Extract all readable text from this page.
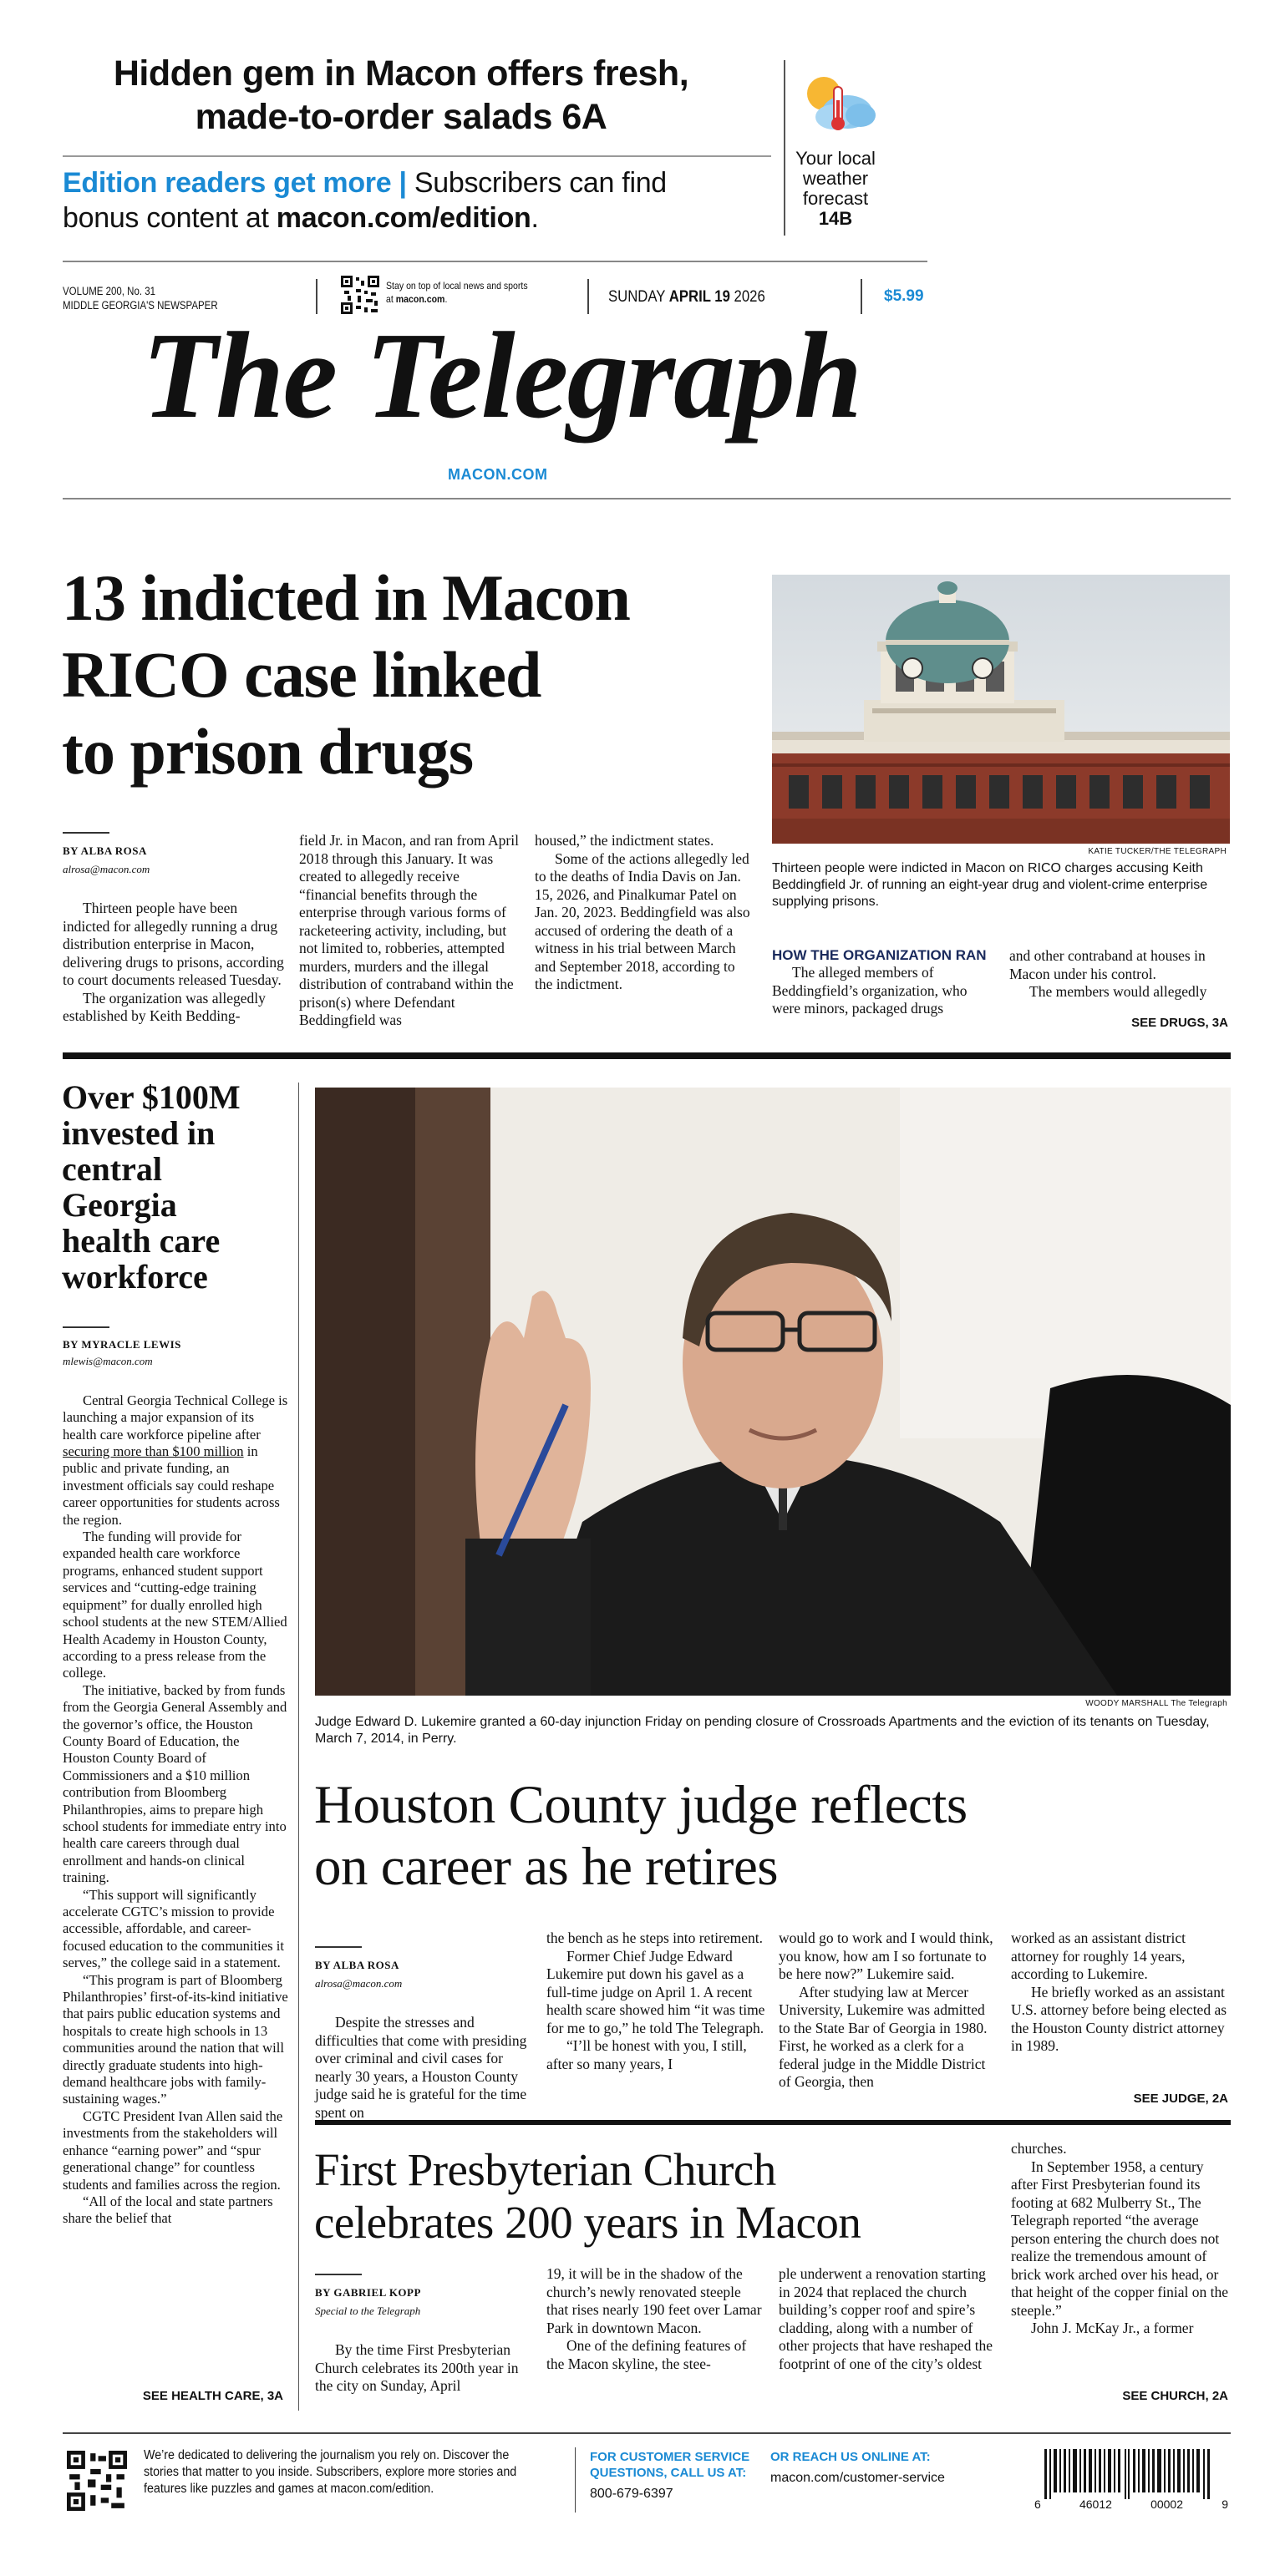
Hidden gem in Macon offers fresh,
made-to-order salads 6A
Edition readers get more | Subscribers can find
bonus content at macon.com/edition.
Your local
weather
forecast
14B
VOLUME 200, No. 31
MIDDLE GEORGIA'S NEWSPAPER
Stay on top of local news and sports
at macon.com.	SUNDAY APRIL 19 2026	$5.99
The Telegraph
MACON.COM
13 indicted in Macon
RICO case linked
to prison drugs
BY ALBA ROSA
alrosa@macon.com

Thirteen people have been indicted for allegedly running a drug distribution enterprise in Macon, delivering drugs to prisons, according to court documents released Tuesday.

The organization was allegedly established by Keith Bedding-

field Jr. in Macon, and ran from April 2018 through this January. It was created to allegedly receive “financial benefits through the enterprise through various forms of racketeering activity, including, but not limited to, robberies, attempted murders, murders and the illegal distribution of contraband within the prison(s) where Defendant Beddingfield was

housed,” the indictment states.

Some of the actions allegedly led to the deaths of India Davis on Jan. 15, 2026, and Pinalkumar Patel on Jan. 20, 2023. Beddingfield was also accused of ordering the death of a witness in his trial between March and September 2018, according to the indictment.

KATIE TUCKER/THE TELEGRAPH
Thirteen people were indicted in Macon on RICO charges accusing Keith Beddingfield Jr. of running an eight-year drug and violent-crime enterprise supplying prisons.
HOW THE ORGANIZATION RAN

The alleged members of Beddingfield’s organization, who were minors, packaged drugs

and other contraband at houses in Macon under his control.

The members would allegedly

SEE DRUGS, 3A
Over $100M
invested in
central
Georgia
health care
workforce
BY MYRACLE LEWIS
mlewis@macon.com

Central Georgia Technical College is launching a major expansion of its health care workforce pipeline after securing more than $100 million in public and private funding, an investment officials say could reshape career opportunities for students across the region.

The funding will provide for expanded health care workforce programs, enhanced student support services and “cutting-edge training equipment” for dually enrolled high school students at the new STEM/Allied Health Academy in Houston County, according to a press release from the college.

The initiative, backed by from funds from the Georgia General Assembly and the governor’s office, the Houston County Board of Education, the Houston County Board of Commissioners and a $10 million contribution from Bloomberg Philanthropies, aims to prepare high school students for immediate entry into health care careers through dual enrollment and hands-on clinical training.

“This support will significantly accelerate CGTC’s mission to provide accessible, affordable, and career-focused education to the communities it serves,” the college said in a statement.

“This program is part of Bloomberg Philanthropies’ first-of-its-kind initiative that pairs public education systems and hospitals to create high schools in 13 communities around the nation that will directly graduate students into high-demand healthcare jobs with family-sustaining wages.”

CGTC President Ivan Allen said the investments from the stakeholders will enhance “earning power” and “spur generational change” for countless students and families across the region.

“All of the local and state partners share the belief that

SEE HEALTH CARE, 3A
WOODY MARSHALL The Telegraph
Judge Edward D. Lukemire granted a 60-day injunction Friday on pending closure of Crossroads Apartments and the eviction of its tenants on Tuesday, March 7, 2014, in Perry.
Houston County judge reflects
on career as he retires
BY ALBA ROSA
alrosa@macon.com

Despite the stresses and difficulties that come with presiding over criminal and civil cases for nearly 30 years, a Houston County judge said he is grateful for the time spent on

the bench as he steps into retirement.

Former Chief Judge Edward Lukemire put down his gavel as a full-time judge on April 1. A recent health scare showed him “it was time for me to go,” he told The Telegraph.

“I’ll be honest with you, I still, after so many years, I

would go to work and I would think, you know, how am I so fortunate to be here now?” Lukemire said.

After studying law at Mercer University, Lukemire was admitted to the State Bar of Georgia in 1980. First, he worked as a clerk for a federal judge in the Middle District of Georgia, then

worked as an assistant district attorney for roughly 14 years, according to Lukemire.

He briefly worked as an assistant U.S. attorney before being elected as the Houston County district attorney in 1989.

SEE JUDGE, 2A
First Presbyterian Church
celebrates 200 years in Macon
BY GABRIEL KOPP
Special to the Telegraph

By the time First Presbyterian Church celebrates its 200th year in the city on Sunday, April

19, it will be in the shadow of the church’s newly renovated steeple that rises nearly 190 feet over Lamar Park in downtown Macon.

One of the defining features of the Macon skyline, the stee-

ple underwent a renovation starting in 2024 that replaced the church building’s copper roof and spire’s cladding, along with a number of other projects that have reshaped the footprint of one of the city’s oldest

churches.

In September 1958, a century after First Presbyterian found its footing at 682 Mulberry St., The Telegraph reported “the average person entering the church does not realize the tremendous amount of brick work arched over his head, or that height of the copper finial on the steeple.”

John J. McKay Jr., a former

SEE CHURCH, 2A
We’re dedicated to delivering the journalism you rely on. Discover the stories that matter to you inside. Subscribers, explore more stories and features like puzzles and games at macon.com/edition.
FOR CUSTOMER SERVICE
QUESTIONS, CALL US AT:
800-679-6397
OR REACH US ONLINE AT:
macon.com/customer-service
6	46012	00002	9
